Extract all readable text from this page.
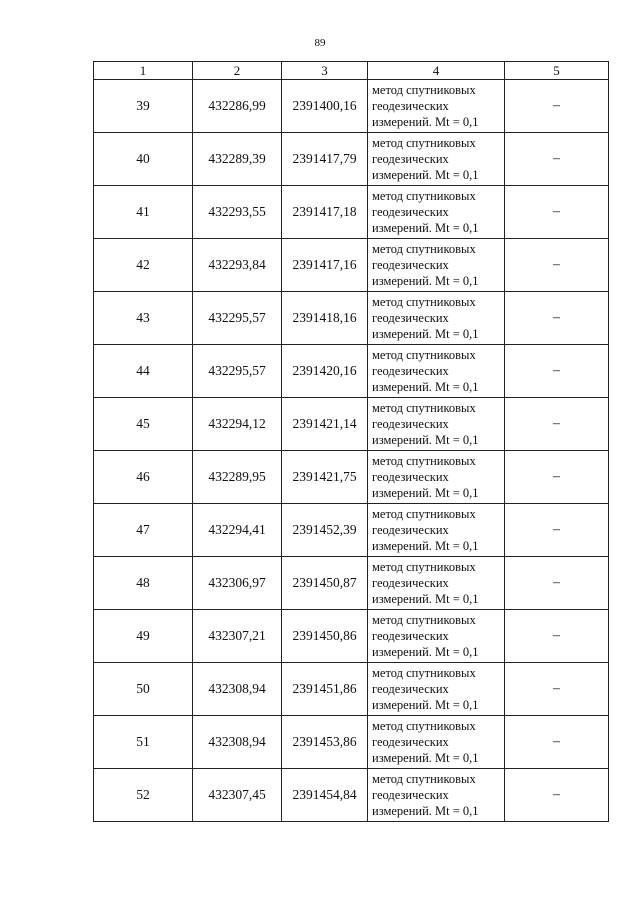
89
1	2	3	4	5
39	432286,99	2391400,16	метод спутниковых
геодезических
измерений. Mt = 0,1	–
40	432289,39	2391417,79	метод спутниковых
геодезических
измерений. Mt = 0,1	–
41	432293,55	2391417,18	метод спутниковых
геодезических
измерений. Mt = 0,1	–
42	432293,84	2391417,16	метод спутниковых
геодезических
измерений. Mt = 0,1	–
43	432295,57	2391418,16	метод спутниковых
геодезических
измерений. Mt = 0,1	–
44	432295,57	2391420,16	метод спутниковых
геодезических
измерений. Mt = 0,1	–
45	432294,12	2391421,14	метод спутниковых
геодезических
измерений. Mt = 0,1	–
46	432289,95	2391421,75	метод спутниковых
геодезических
измерений. Mt = 0,1	–
47	432294,41	2391452,39	метод спутниковых
геодезических
измерений. Mt = 0,1	–
48	432306,97	2391450,87	метод спутниковых
геодезических
измерений. Mt = 0,1	–
49	432307,21	2391450,86	метод спутниковых
геодезических
измерений. Mt = 0,1	–
50	432308,94	2391451,86	метод спутниковых
геодезических
измерений. Mt = 0,1	–
51	432308,94	2391453,86	метод спутниковых
геодезических
измерений. Mt = 0,1	–
52	432307,45	2391454,84	метод спутниковых
геодезических
измерений. Mt = 0,1	–
